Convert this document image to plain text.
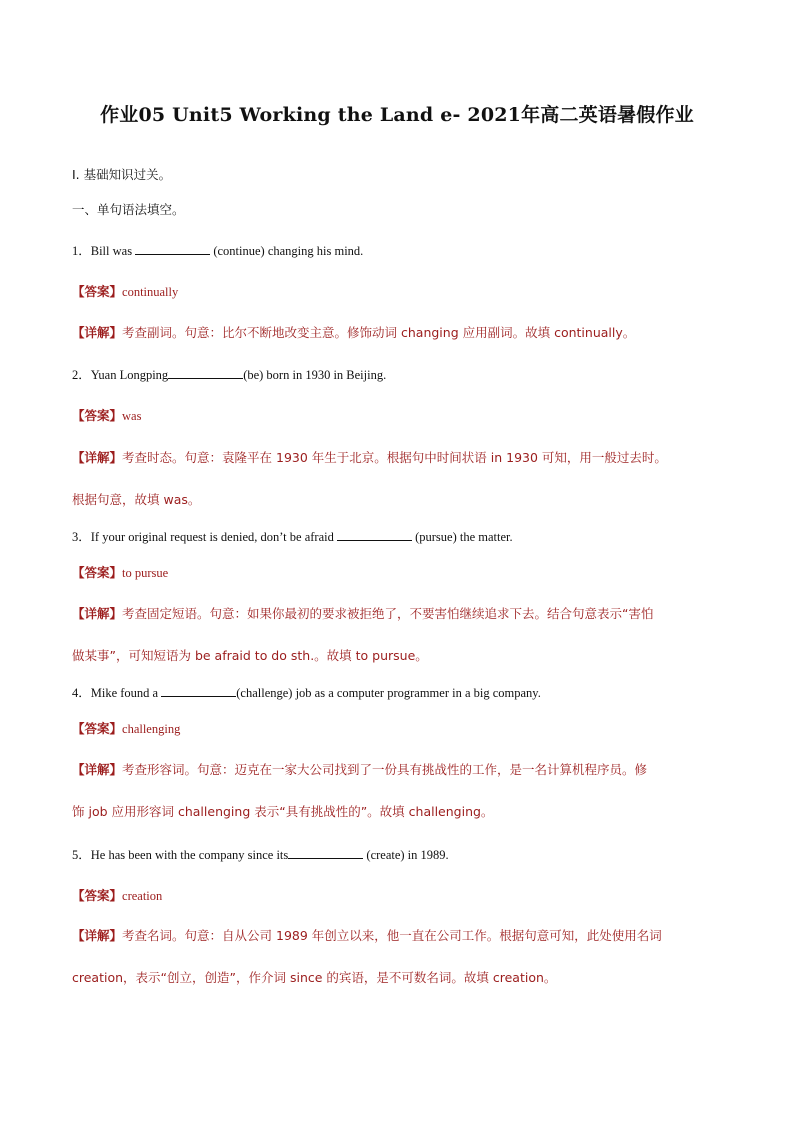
作业05 Unit5 Working the Land e- 2021年高二英语暑假作业
I. 基础知识过关。
一、单句语法填空。
1．Bill was	(continue) changing his mind.
【答案】continually
【详解】考查副词。句意：比尔不断地改变主意。修饰动词 changing 应用副词。故填 continually。
2．Yuan Longping	(be) born in 1930 in Beijing.
【答案】was
【详解】考查时态。句意：袁隆平在 1930 年生于北京。根据句中时间状语 in 1930 可知，用一般过去时。
根据句意，故填 was。
3．If your original request is denied, don’t be afraid	(pursue) the matter.
【答案】to pursue
【详解】考查固定短语。句意：如果你最初的要求被拒绝了，不要害怕继续追求下去。结合句意表示“害怕
做某事”，可知短语为 be afraid to do sth.。故填 to pursue。
4．Mike found a	(challenge) job as a computer programmer in a big company.
【答案】challenging
【详解】考查形容词。句意：迈克在一家大公司找到了一份具有挑战性的工作，是一名计算机程序员。修
饰 job 应用形容词 challenging 表示“具有挑战性的”。故填 challenging。
5．He has been with the company since its	(create) in 1989.
【答案】creation
【详解】考查名词。句意：自从公司 1989 年创立以来，他一直在公司工作。根据句意可知，此处使用名词
creation，表示“创立，创造”，作介词 since 的宾语，是不可数名词。故填 creation。
